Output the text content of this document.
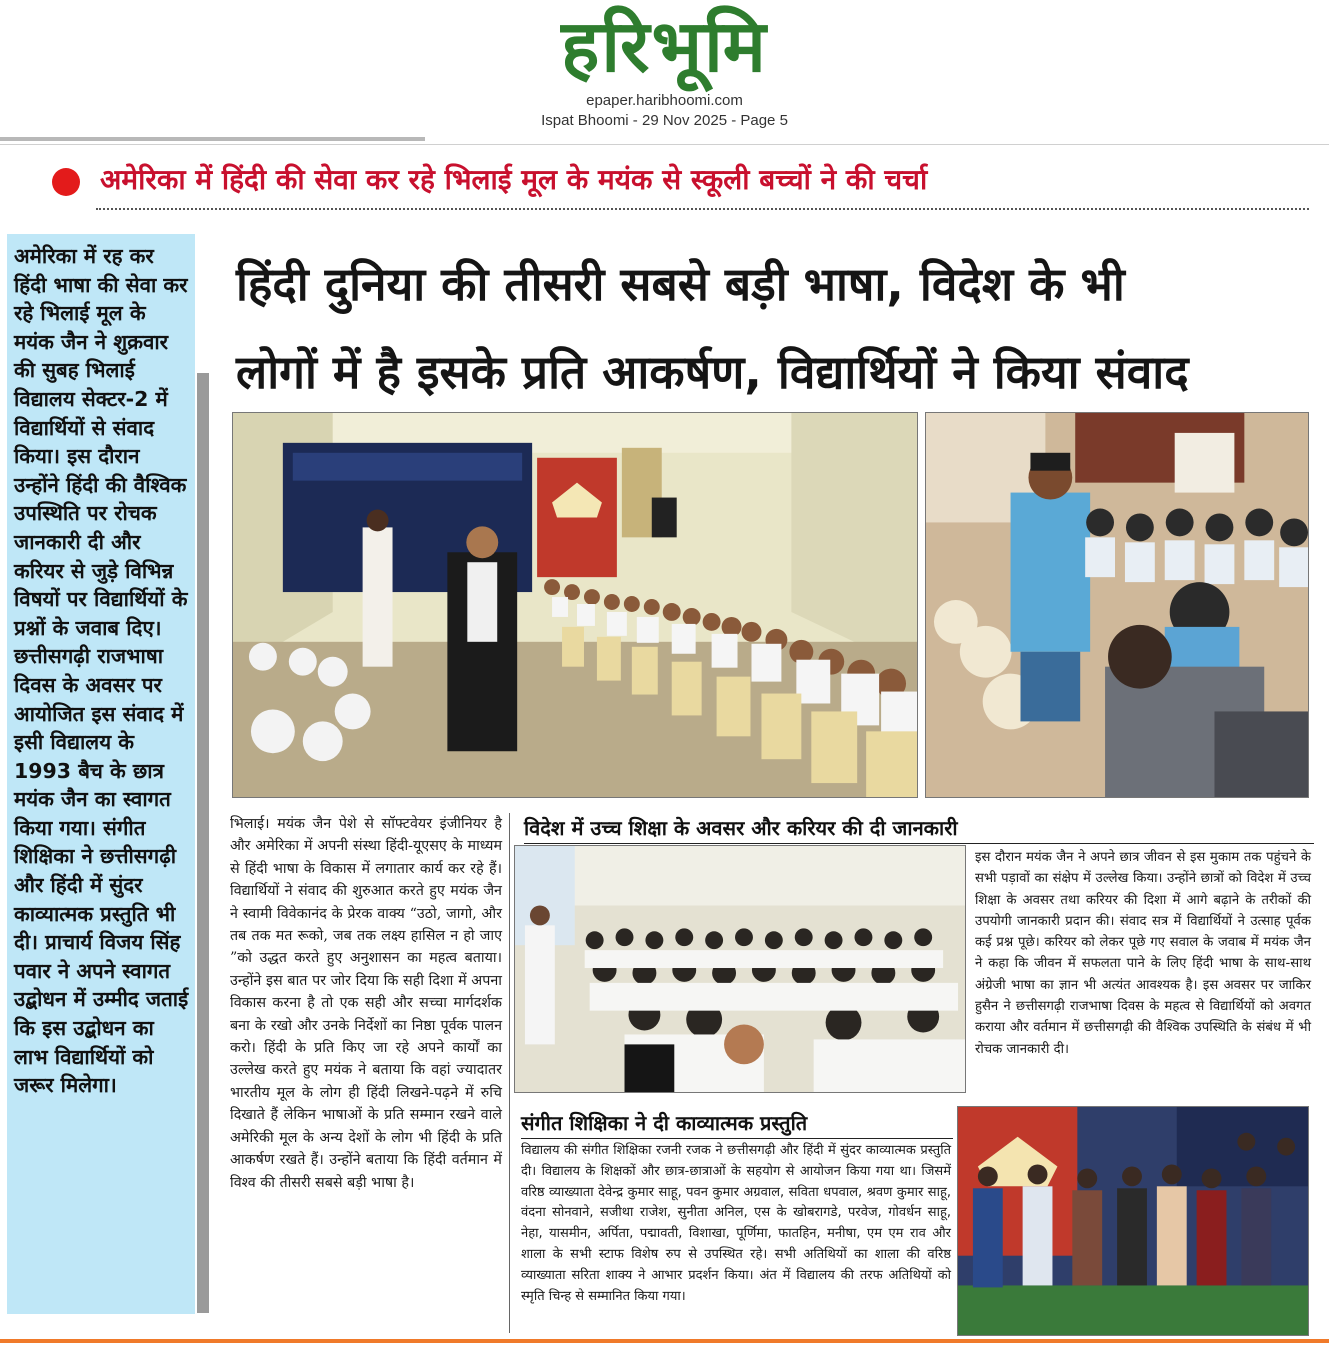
हरिभूमि
epaper.haribhoomi.com
Ispat Bhoomi - 29 Nov 2025 - Page 5
अमेरिका में हिंदी की सेवा कर रहे भिलाई मूल के मयंक से स्कूली बच्चों ने की चर्चा
अमेरिका में रह कर हिंदी भाषा की सेवा कर रहे भिलाई मूल के मयंक जैन ने शुक्रवार की सुबह भिलाई विद्यालय सेक्टर-2 में विद्यार्थियों से संवाद किया। इस दौरान उन्होंने हिंदी की वैश्विक उपस्थिति पर रोचक जानकारी दी और करियर से जुड़े विभिन्न विषयों पर विद्यार्थियों के प्रश्नों के जवाब दिए। छत्तीसगढ़ी राजभाषा दिवस के अवसर पर आयोजित इस संवाद में इसी विद्यालय के 1993 बैच के छात्र मयंक जैन का स्वागत किया गया। संगीत शिक्षिका ने छत्तीसगढ़ी और हिंदी में सुंदर काव्यात्मक प्रस्तुति भी दी। प्राचार्य विजय सिंह पवार ने अपने स्वागत उद्बोधन में उम्मीद जताई कि इस उद्बोधन का लाभ विद्यार्थियों को जरूर मिलेगा।
हिंदी दुनिया की तीसरी सबसे बड़ी भाषा, विदेश के भी
लोगों में है इसके प्रति आकर्षण, विद्यार्थियों ने किया संवाद
भिलाई। मयंक जैन पेशे से सॉफ्टवेयर इंजीनियर है और अमेरिका में अपनी संस्था हिंदी-यूएसए के माध्यम से हिंदी भाषा के विकास में लगातार कार्य कर रहे हैं। विद्यार्थियों ने संवाद की शुरुआत करते हुए मयंक जैन ने स्वामी विवेकानंद के प्रेरक वाक्य “उठो, जागो, और तब तक मत रूको, जब तक लक्ष्य हासिल न हो जाए ”को उद्धत करते हुए अनुशासन का महत्व बताया। उन्होंने इस बात पर जोर दिया कि सही दिशा में अपना विकास करना है तो एक सही और सच्चा मार्गदर्शक बना के रखो और उनके निर्देशों का निष्ठा पूर्वक पालन करो। हिंदी के प्रति किए जा रहे अपने कार्यों का उल्लेख करते हुए मयंक ने बताया कि वहां ज्यादातर भारतीय मूल के लोग ही हिंदी लिखने-पढ़ने में रुचि दिखाते हैं लेकिन भाषाओं के प्रति सम्मान रखने वाले अमेरिकी मूल के अन्य देशों के लोग भी हिंदी के प्रति आकर्षण रखते हैं। उन्होंने बताया कि हिंदी वर्तमान में विश्व की तीसरी सबसे बड़ी भाषा है।
विदेश में उच्च शिक्षा के अवसर और करियर की दी जानकारी
इस दौरान मयंक जैन ने अपने छात्र जीवन से इस मुकाम तक पहुंचने के सभी पड़ावों का संक्षेप में उल्लेख किया। उन्होंने छात्रों को विदेश में उच्च शिक्षा के अवसर तथा करियर की दिशा में आगे बढ़ाने के तरीकों की उपयोगी जानकारी प्रदान की। संवाद सत्र में विद्यार्थियों ने उत्साह पूर्वक कई प्रश्न पूछे। करियर को लेकर पूछे गए सवाल के जवाब में मयंक जैन ने कहा कि जीवन में सफलता पाने के लिए हिंदी भाषा के साथ-साथ अंग्रेजी भाषा का ज्ञान भी अत्यंत आवश्यक है। इस अवसर पर जाकिर हुसैन ने छत्तीसगढ़ी राजभाषा दिवस के महत्व से विद्यार्थियों को अवगत कराया और वर्तमान में छत्तीसगढ़ी की वैश्विक उपस्थिति के संबंध में भी रोचक जानकारी दी।
संगीत शिक्षिका ने दी काव्यात्मक प्रस्तुति
विद्यालय की संगीत शिक्षिका रजनी रजक ने छत्तीसगढ़ी और हिंदी में सुंदर काव्यात्मक प्रस्तुति दी। विद्यालय के शिक्षकों और छात्र-छात्राओं के सहयोग से आयोजन किया गया था। जिसमें वरिष्ठ व्याख्याता देवेन्द्र कुमार साहू, पवन कुमार अग्रवाल, सविता धपवाल, श्रवण कुमार साहू, वंदना सोनवाने, सजीथा राजेश, सुनीता अनिल, एस के खोबरागडे, परवेज, गोवर्धन साहू, नेहा, यासमीन, अर्पिता, पद्मावती, विशाखा, पूर्णिमा, फातहिन, मनीषा, एम एम राव और शाला के सभी स्टाफ विशेष रुप से उपस्थित रहे। सभी अतिथियों का शाला की वरिष्ठ व्याख्याता सरिता शाक्य ने आभार प्रदर्शन किया। अंत में विद्यालय की तरफ अतिथियों को स्मृति चिन्ह से सम्मानित किया गया।
